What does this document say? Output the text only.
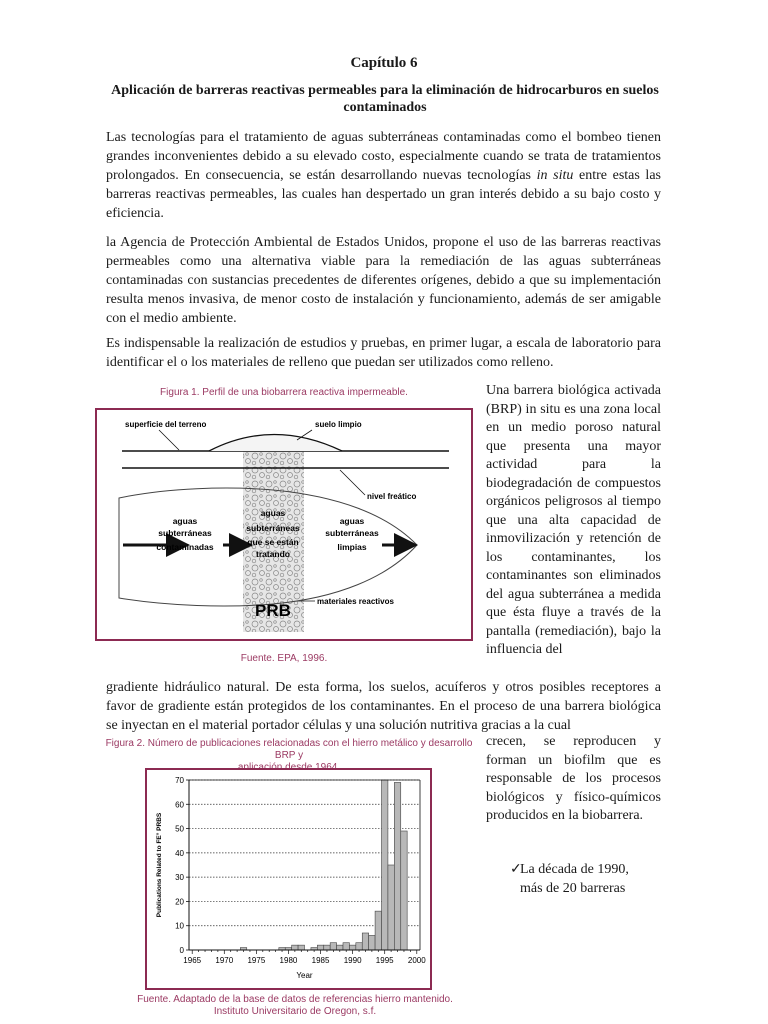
Capítulo 6
Aplicación de barreras reactivas permeables para la eliminación de hidrocarburos en suelos contaminados

Las tecnologías para el tratamiento de aguas subterráneas contaminadas como el bombeo tienen grandes inconvenientes debido a su elevado costo, especialmente cuando se trata de tratamientos prolongados. En consecuencia, se están desarrollando nuevas tecnologías in situ entre estas las barreras reactivas permeables, las cuales han despertado un gran interés debido a su bajo costo y eficiencia.

la Agencia de Protección Ambiental de Estados Unidos, propone el uso de las barreras reactivas permeables como una alternativa viable para la remediación de las aguas subterráneas contaminadas con sustancias precedentes de diferentes orígenes, debido a que su implementación resulta menos invasiva, de menor costo de instalación y funcionamiento, además de ser amigable con el medio ambiente.

Es indispensable la realización de estudios y pruebas, en primer lugar, a escala de laboratorio para identificar el o los materiales de relleno que puedan ser utilizados como relleno.

Figura 1. Perfil de una biobarrera reactiva impermeable.
superficie del terreno	suelo limpio
nivel freático
aguas
subterráneas
contaminadas
aguas
subterráneas
que se están
tratando
aguas
subterráneas
limpias
PRB	materiales reactivos
Fuente. EPA, 1996.

Una barrera biológica activada (BRP) in situ es una zona local en un medio poroso natural que presenta una mayor actividad para la biodegradación de compuestos orgánicos peligrosos al tiempo que una alta capacidad de inmovilización y retención de los contaminantes, los contaminantes son eliminados del agua subterránea a medida que ésta fluye a través de la pantalla (remediación), bajo la influencia del

gradiente hidráulico natural. De esta forma, los suelos, acuíferos y otros posibles receptores a favor de gradiente están protegidos de los contaminantes. En el proceso de una barrera biológica se inyectan en el material portador células y una solución nutritiva gracias a la cual

Figura 2. Número de publicaciones relacionadas con el hierro metálico y desarrollo BRP y
0
10
20
30
40
50
60
70
1965 1970 1975 1980 1985 1990 1995 2000
Year
Publications Related to FE° PRBS
Fuente. Adaptado de la base de datos de referencias hierro mantenido.
Instituto Universitario de Oregon, s.f.

crecen, se reproducen y forman un biofilm que es responsable de los procesos biológicos y físico-químicos producidos en la biobarrera.

✓
La década de 1990,
más de 20 barreras
